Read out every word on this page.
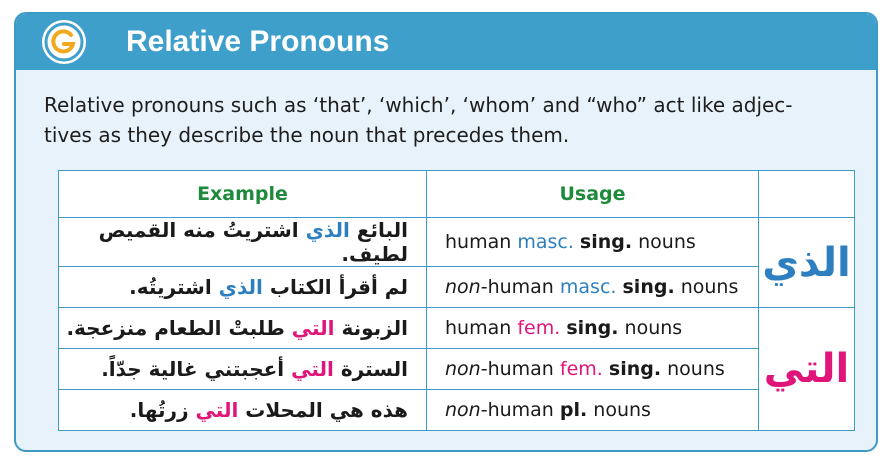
Relative Pronouns
Relative pronouns such as ‘that’, ‘which’, ‘whom’ and “who” act like adjec- tives as they describe the noun that precedes them.
Example	Usage	
البائع الذي اشتريتُ منه القميص لطيف.	human masc. sing. nouns	الذي
لم أقرأ الكتاب الذي اشتريتُه.	non-human masc. sing. nouns	
الزبونة التي طلبتْ الطعام منزعجة.	human fem. sing. nouns	التي
السترة التي أعجبتني غالية جدّاً.	non-human fem. sing. nouns	
هذه هي المحلات التي زرتُها.	non-human pl. nouns	
